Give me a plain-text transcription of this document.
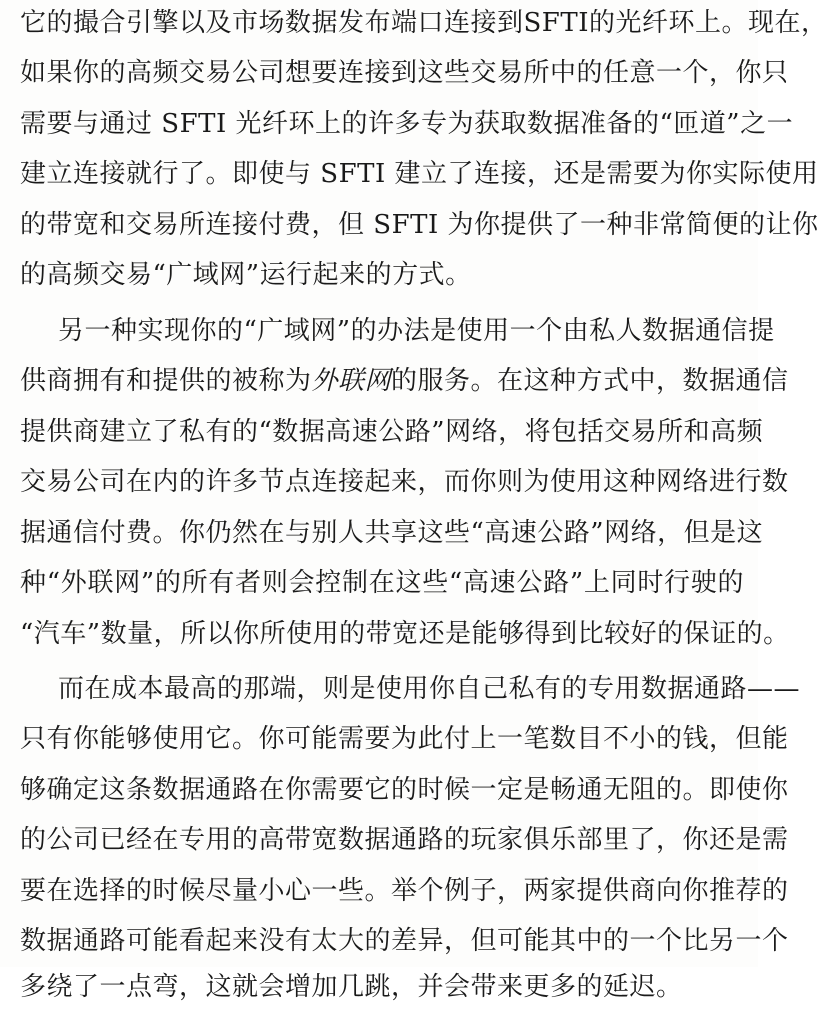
它的撮合引擎以及市场数据发布端口连接到SFTI的光纤环上。现在，
如果你的高频交易公司想要连接到这些交易所中的任意一个，你只
需要与通过 SFTI 光纤环上的许多专为获取数据准备的“匝道”之一
建立连接就行了。即使与 SFTI 建立了连接，还是需要为你实际使用
的带宽和交易所连接付费，但 SFTI 为你提供了一种非常简便的让你
的高频交易“广域网”运行起来的方式。
另一种实现你的“广域网”的办法是使用一个由私人数据通信提
供商拥有和提供的被称为外联网的服务。在这种方式中，数据通信
提供商建立了私有的“数据高速公路”网络，将包括交易所和高频
交易公司在内的许多节点连接起来，而你则为使用这种网络进行数
据通信付费。你仍然在与别人共享这些“高速公路”网络，但是这
种“外联网”的所有者则会控制在这些“高速公路”上同时行驶的
“汽车”数量，所以你所使用的带宽还是能够得到比较好的保证的。
而在成本最高的那端，则是使用你自己私有的专用数据通路——
只有你能够使用它。你可能需要为此付上一笔数目不小的钱，但能
够确定这条数据通路在你需要它的时候一定是畅通无阻的。即使你
的公司已经在专用的高带宽数据通路的玩家俱乐部里了，你还是需
要在选择的时候尽量小心一些。举个例子，两家提供商向你推荐的
数据通路可能看起来没有太大的差异，但可能其中的一个比另一个
多绕了一点弯，这就会增加几跳，并会带来更多的延迟。
